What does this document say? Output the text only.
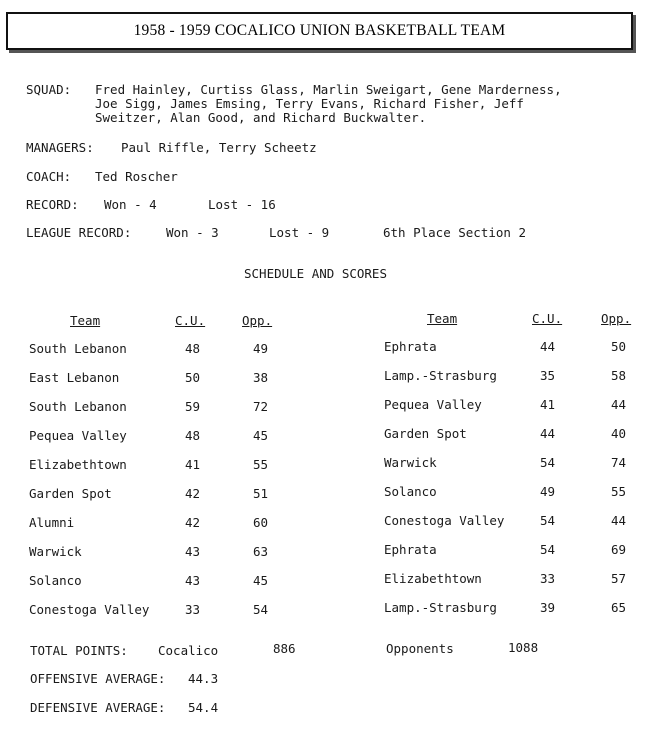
1958 - 1959 COCALICO UNION BASKETBALL TEAM
SQUAD: Fred Hainley, Curtiss Glass, Marlin Sweigart, Gene Marderness,
Joe Sigg, James Emsing, Terry Evans, Richard Fisher, Jeff
Sweitzer, Alan Good, and Richard Buckwalter.
MANAGERS: Paul Riffle, Terry Scheetz
COACH: Ted Roscher
RECORD: Won - 4	Lost - 16
LEAGUE RECORD:	Won - 3	Lost - 9	6th Place Section 2
SCHEDULE AND SCORES
Team	C.U.	Opp.
South Lebanon	48	49
East Lebanon	50	38
South Lebanon	59	72
Pequea Valley	48	45
Elizabethtown	41	55
Garden Spot	42	51
Alumni	42	60
Warwick	43	63
Solanco	43	45
Conestoga Valley	33	54
Team	C.U.	Opp.
Ephrata	44	50
Lamp.-Strasburg	35	58
Pequea Valley	41	44
Garden Spot	44	40
Warwick	54	74
Solanco	49	55
Conestoga Valley	54	44
Ephrata	54	69
Elizabethtown	33	57
Lamp.-Strasburg	39	65
TOTAL POINTS: Cocalico	886	Opponents	1088
OFFENSIVE AVERAGE: 44.3
DEFENSIVE AVERAGE: 54.4
